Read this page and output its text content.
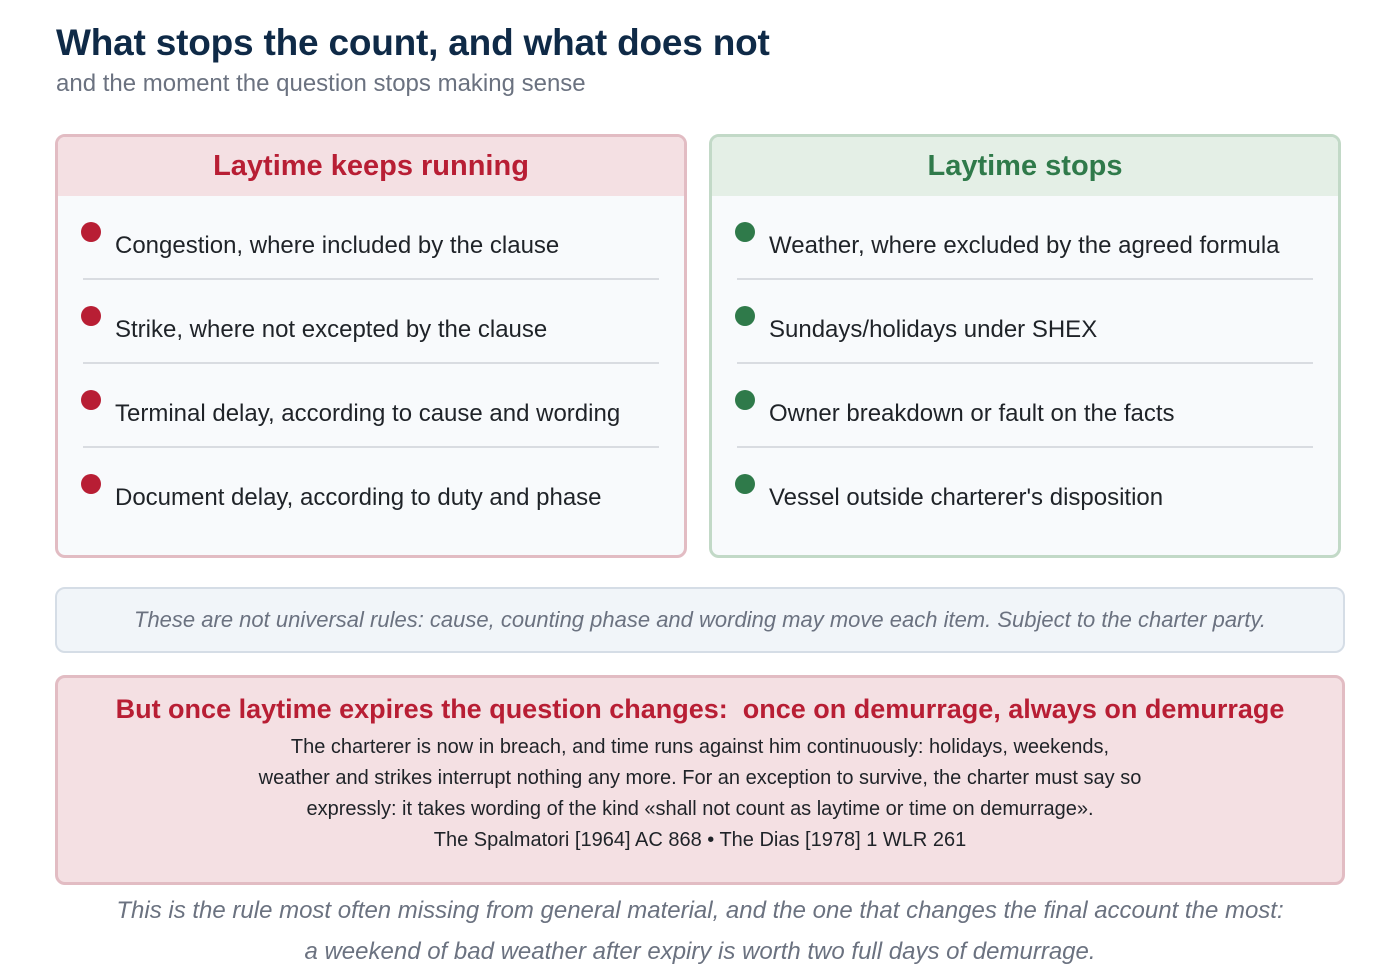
What stops the count, and what does not
and the moment the question stops making sense
Laytime keeps running
Congestion, where included by the clause
Strike, where not excepted by the clause
Terminal delay, according to cause and wording
Document delay, according to duty and phase
Laytime stops
Weather, where excluded by the agreed formula
Sundays/holidays under SHEX
Owner breakdown or fault on the facts
Vessel outside charterer's disposition
These are not universal rules: cause, counting phase and wording may move each item. Subject to the charter party.
But once laytime expires the question changes:  once on demurrage, always on demurrage
The charterer is now in breach, and time runs against him continuously: holidays, weekends,
weather and strikes interrupt nothing any more. For an exception to survive, the charter must say so
expressly: it takes wording of the kind «shall not count as laytime or time on demurrage».
The Spalmatori [1964] AC 868 • The Dias [1978] 1 WLR 261
This is the rule most often missing from general material, and the one that changes the final account the most:
a weekend of bad weather after expiry is worth two full days of demurrage.
